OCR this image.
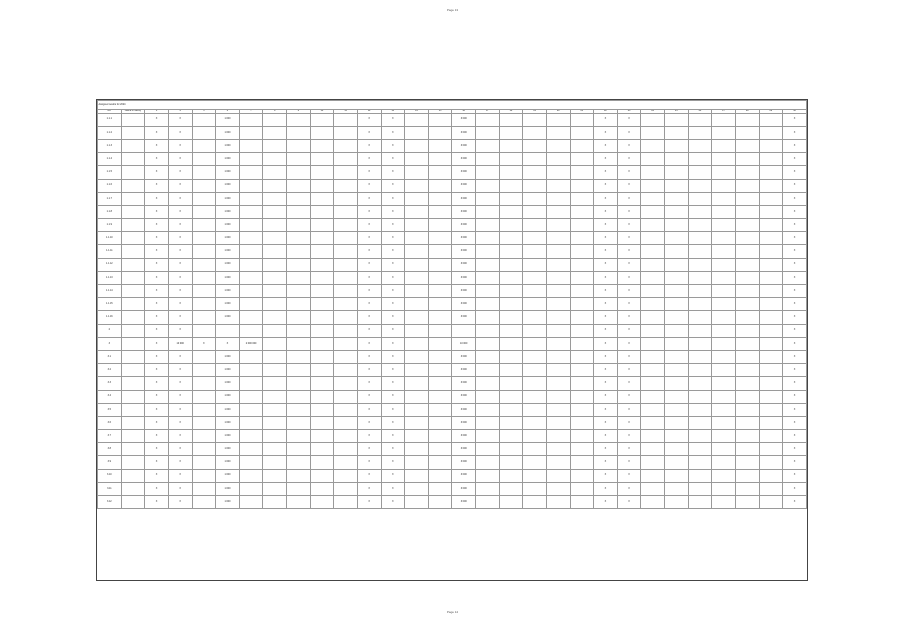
Page 13
Assigned results for 2024																													
No.	Name of facility	3	4	5	6	7	8	9	10	11	12	13	14	15	16	17	18	19	20	21	22	23	24	25	26	27	28	29	30
1.1.1		X	X		1 000						X	X			3 000						X	X							X
1.1.2		X	X		1 000						X	X			3 000						X	X							X
1.1.3		X	X		1 000						X	X			3 000						X	X							X
1.1.4		X	X		1 000						X	X			3 000						X	X							X
1.1.5		X	X		1 000						X	X			3 000						X	X							X
1.1.6		X	X		1 000						X	X			3 000						X	X							X
1.1.7		X	X		1 000						X	X			3 000						X	X							X
1.1.8		X	X		1 000						X	X			3 000						X	X							X
1.1.9		X	X		1 000						X	X			3 000						X	X							X
1.1.10		X	X		1 000						X	X			3 000						X	X							X
1.1.11		X	X		1 000						X	X			3 000						X	X							X
1.1.12		X	X		1 000						X	X			3 000						X	X							X
1.1.13		X	X		1 000						X	X			3 000						X	X							X
1.1.14		X	X		1 000						X	X			3 000						X	X							X
1.1.15		X	X		1 000						X	X			3 000						X	X							X
1.1.16		X	X		1 000						X	X			3 000						X	X							X
2		X	X								X	X									X	X							X
3		X	10 000	X	X	2 000 000					X	X			10 000						X	X							X
3.1		X	X		1 000						X	X			3 000						X	X							X
3.2		X	X		1 000						X	X			3 000						X	X							X
3.3		X	X		1 000						X	X			3 000						X	X							X
3.4		X	X		1 000						X	X			3 000						X	X							X
3.5		X	X		1 000						X	X			3 000						X	X							X
3.6		X	X		1 000						X	X			3 000						X	X							X
3.7		X	X		1 000						X	X			3 000						X	X							X
3.8		X	X		1 000						X	X			3 000						X	X							X
3.9		X	X		1 000						X	X			3 000						X	X							X
3.10		X	X		1 000						X	X			3 000						X	X							X
3.11		X	X		1 000						X	X			3 000						X	X							X
3.12		X	X		1 000						X	X			3 000						X	X							X
Page 14
